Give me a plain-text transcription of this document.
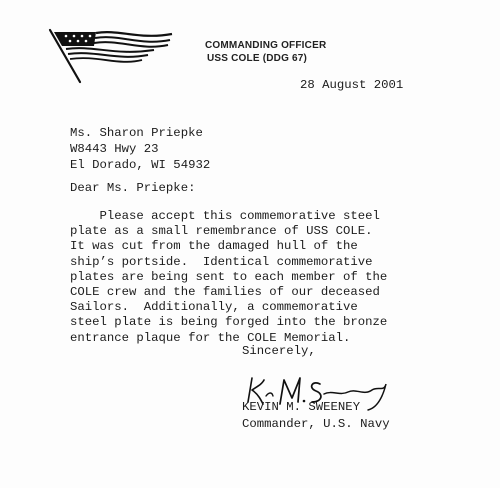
COMMANDING OFFICER
USS COLE (DDG 67)
28 August 2001
Ms. Sharon Priepke
W8443 Hwy 23
El Dorado, WI 54932
Dear Ms. Priepke:
Please accept this commemorative steel
plate as a small remembrance of USS COLE.
It was cut from the damaged hull of the
ship’s portside.  Identical commemorative
plates are being sent to each member of the
COLE crew and the families of our deceased
Sailors.  Additionally, a commemorative
steel plate is being forged into the bronze
entrance plaque for the COLE Memorial.
Sincerely,
KEVIN M. SWEENEY
Commander, U.S. Navy
